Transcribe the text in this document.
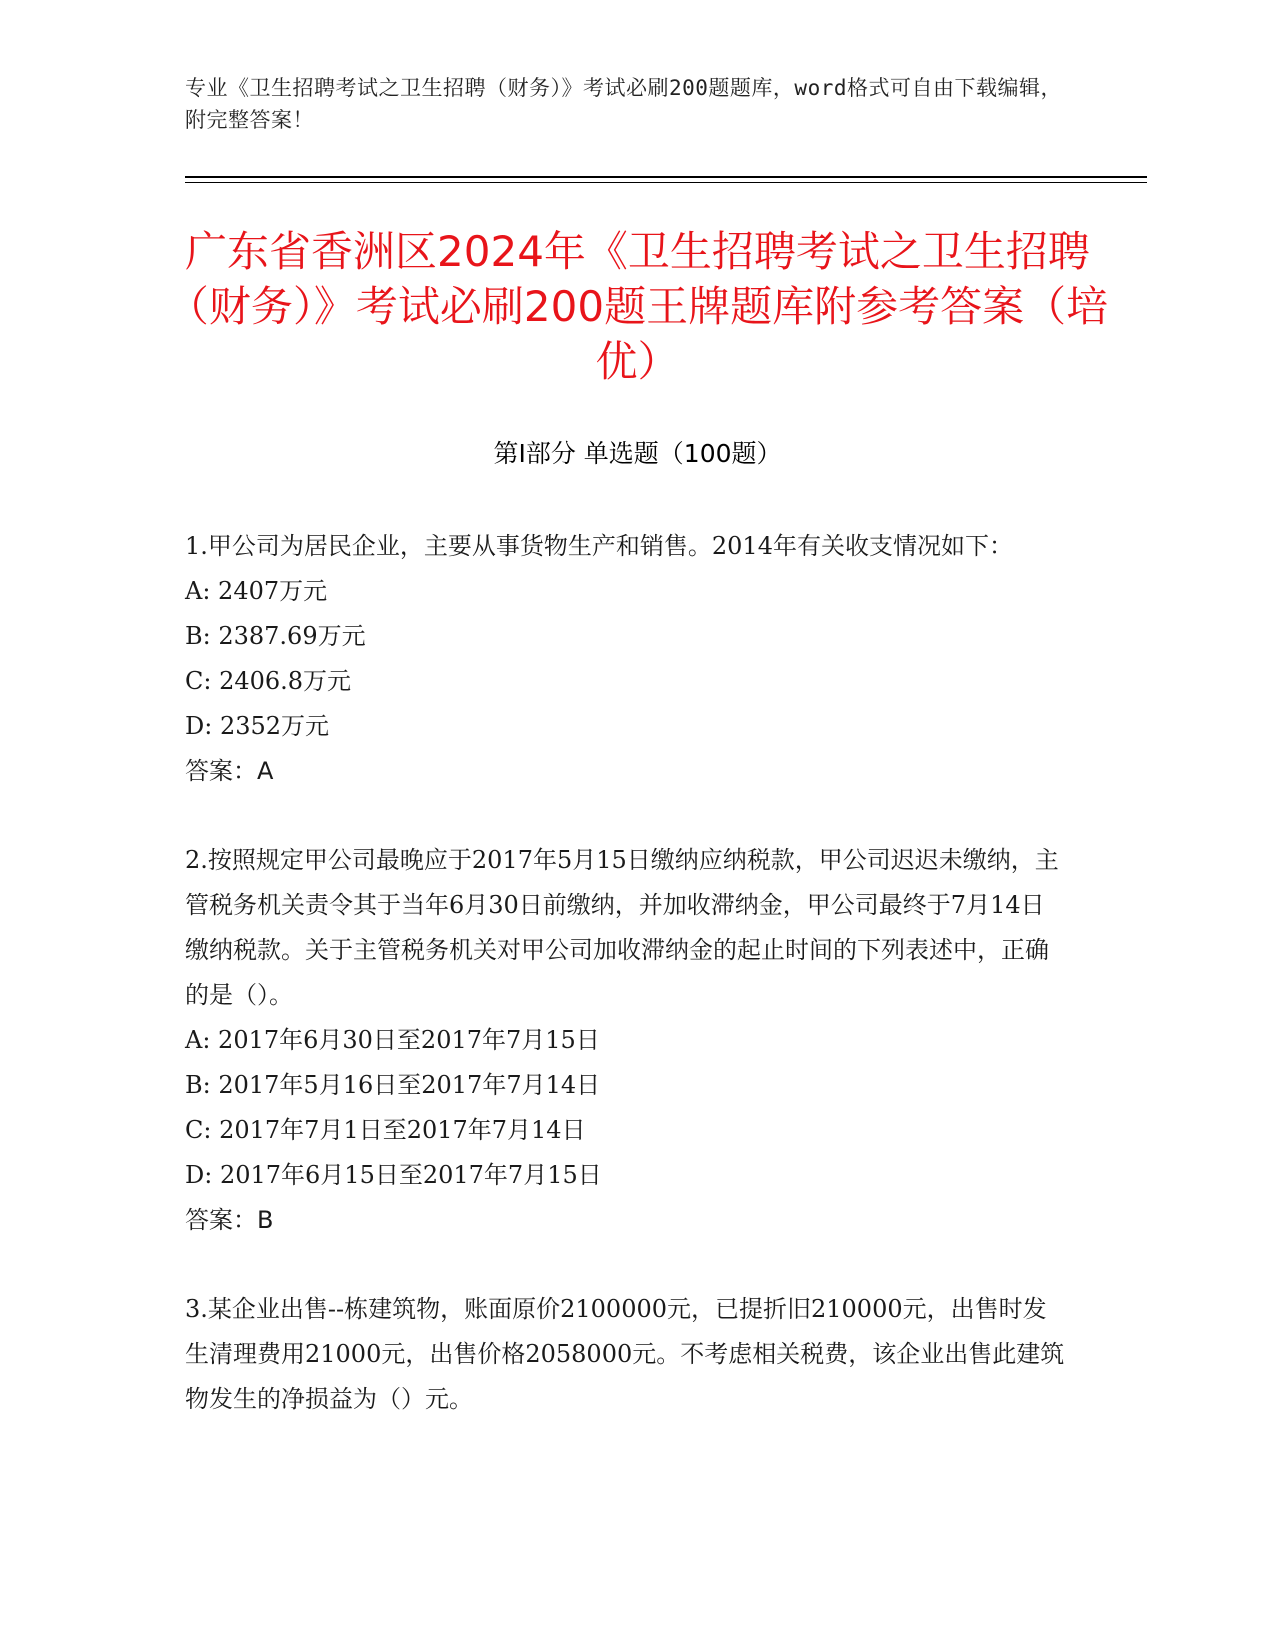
专业《卫生招聘考试之卫生招聘（财务）》考试必刷200题题库，word格式可自由下载编辑，附完整答案！
广东省香洲区2024年《卫生招聘考试之卫生招聘（财务）》考试必刷200题王牌题库附参考答案（培优）
第Ⅰ部分 单选题（100题）

1.甲公司为居民企业，主要从事货物生产和销售。2014年有关收支情况如下：

A: 2407万元

B: 2387.69万元

C: 2406.8万元

D: 2352万元

答案：A

2.按照规定甲公司最晚应于2017年5月15日缴纳应纳税款，甲公司迟迟未缴纳，主管税务机关责令其于当年6月30日前缴纳，并加收滞纳金，甲公司最终于7月14日缴纳税款。关于主管税务机关对甲公司加收滞纳金的起止时间的下列表述中，正确的是（）。

A: 2017年6月30日至2017年7月15日

B: 2017年5月16日至2017年7月14日

C: 2017年7月1日至2017年7月14日

D: 2017年6月15日至2017年7月15日

答案：B

3.某企业出售--栋建筑物，账面原价2100000元，已提折旧210000元，出售时发生清理费用21000元，出售价格2058000元。不考虑相关税费，该企业出售此建筑物发生的净损益为（）元。
